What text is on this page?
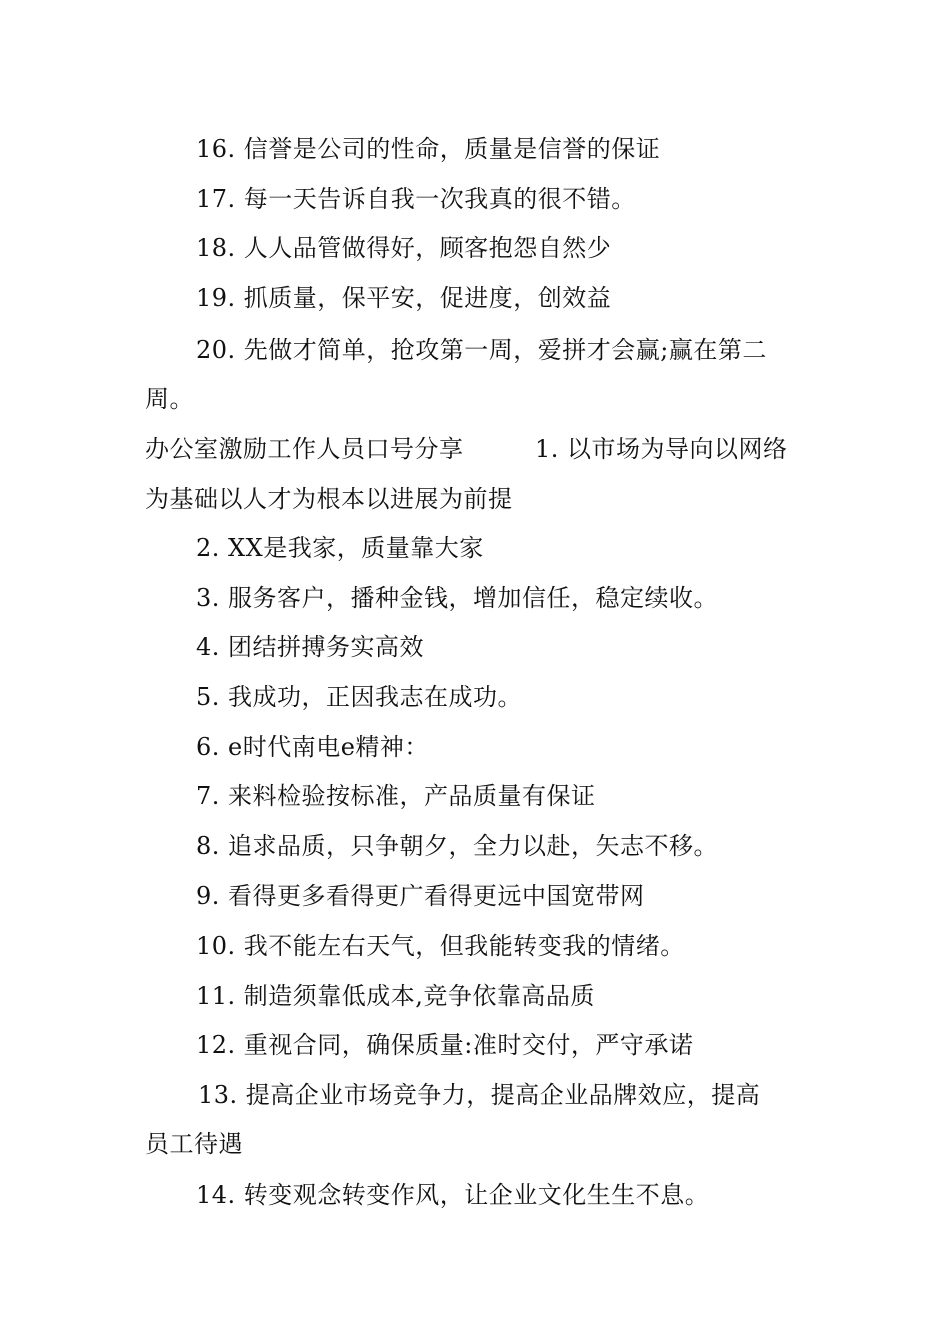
16. 信誉是公司的性命，质量是信誉的保证
17. 每一天告诉自我一次我真的很不错。
18. 人人品管做得好，顾客抱怨自然少
19. 抓质量，保平安，促进度，创效益
20. 先做才简单，抢攻第一周，爱拼才会赢;赢在第二
周。
办公室激励工作人员口号分享	1. 以市场为导向以网络
为基础以人才为根本以进展为前提
2. XX是我家，质量靠大家
3. 服务客户，播种金钱，增加信任，稳定续收。
4. 团结拼搏务实高效
5. 我成功，正因我志在成功。
6. e时代南电e精神：
7. 来料检验按标准，产品质量有保证
8. 追求品质，只争朝夕，全力以赴，矢志不移。
9. 看得更多看得更广看得更远中国宽带网
10. 我不能左右天气，但我能转变我的情绪。
11. 制造须靠低成本,竞争依靠高品质
12. 重视合同，确保质量:准时交付，严守承诺
13. 提高企业市场竞争力，提高企业品牌效应，提高
员工待遇
14. 转变观念转变作风，让企业文化生生不息。
